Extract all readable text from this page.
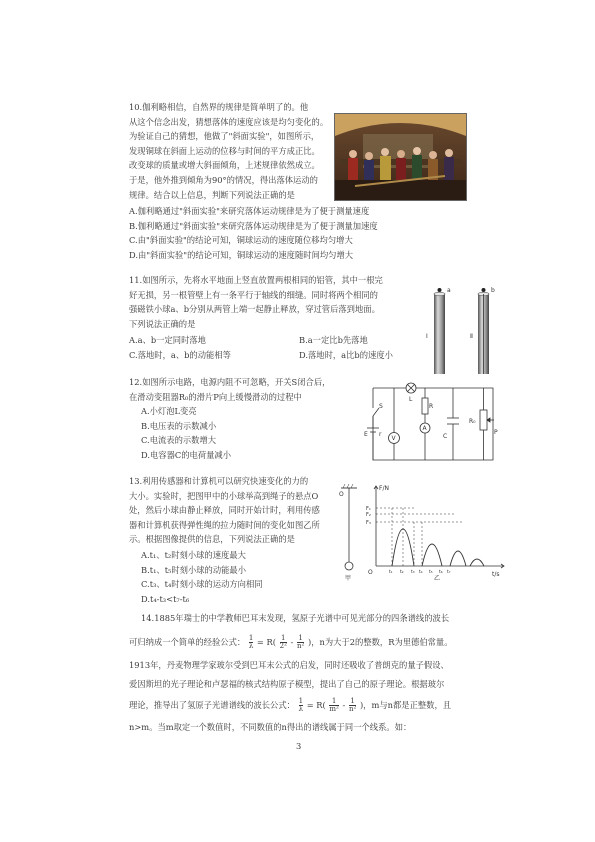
10.伽利略相信，自然界的规律是简单明了的。他
从这个信念出发，猜想落体的速度应该是均匀变化的。
为验证自己的猜想，他做了"斜面实验"，如图所示，
发现铜球在斜面上运动的位移与时间的平方成正比。
改变球的质量或增大斜面倾角，上述规律依然成立。
于是，他外推到倾角为90°的情况，得出落体运动的
规律。结合以上信息，判断下列说法正确的是
A.伽利略通过"斜面实验"来研究落体运动规律是为了便于测量速度
B.伽利略通过"斜面实验"来研究落体运动规律是为了便于测量加速度
C.由"斜面实验"的结论可知，铜球运动的速度随位移均匀增大
D.由"斜面实验"的结论可知，铜球运动的速度随时间均匀增大
11.如图所示，先将水平地面上竖直放置两根相同的铝管，其中一根完
好无损，另一根管壁上有一条平行于轴线的细缝。同时将两个相同的
强磁铁小球a、b分别从两管上端一起静止释放，穿过管后落到地面。
下列说法正确的是
A.a、b一定同时落地	B.a一定比b先落地
C.落地时，a、b的动能相等	D.落地时，a比b的速度小
a	b
Ⅰ	Ⅱ
12.如图所示电路，电源内阻不可忽略，开关S闭合后，
在滑动变阻器R₀的滑片P向上缓慢滑动的过程中
A.小灯泡L变亮
B.电压表的示数减小
C.电流表的示数增大
D.电容器C的电荷量减小
S
E r
V
A
R
L
C
R₀
P
13.利用传感器和计算机可以研究快速变化的力的
大小。实验时，把图甲中的小球举高到绳子的悬点O
处，然后小球由静止释放，同时开始计时，利用传感
器和计算机获得弹性绳的拉力随时间的变化如图乙所
示。根据图像提供的信息，下列说法正确的是
A.t₁、t₂时刻小球的速度最大
B.t₁、t₅时刻小球的动能最小
C.t₃、t₄时刻小球的运动方向相同
D.t₄-t₃<t₇-t₆
O
甲
F/N
t/s
O
F₁
F₂
F₃
t₁ t₂ t₃ t₄ t₅ t₆ t₇
乙
14.1885年瑞士的中学教师巴耳末发现，氢原子光谱中可见光部分的四条谱线的波长
可归纳成一个简单的经验公式： $\frac{1}{\lambda} = R( \frac{1}{\text{2²}} - \frac{1}{\text{n²}}$ )，n为大于2的整数，R为里德伯常量。
1913年，丹麦物理学家玻尔受到巴耳末公式的启发，同时还吸收了普朗克的量子假设、
爱因斯坦的光子理论和卢瑟福的核式结构原子模型，提出了自己的原子理论。根据玻尔
理论，推导出了氢原子光谱谱线的波长公式： $\frac{1}{\lambda} = R( \frac{1}{\text{m²}} - \frac{1}{\text{n²}}$ )，m与n都是正整数，且
n>m。当m取定一个数值时，不同数值的n得出的谱线属于同一个线系。如：
3
